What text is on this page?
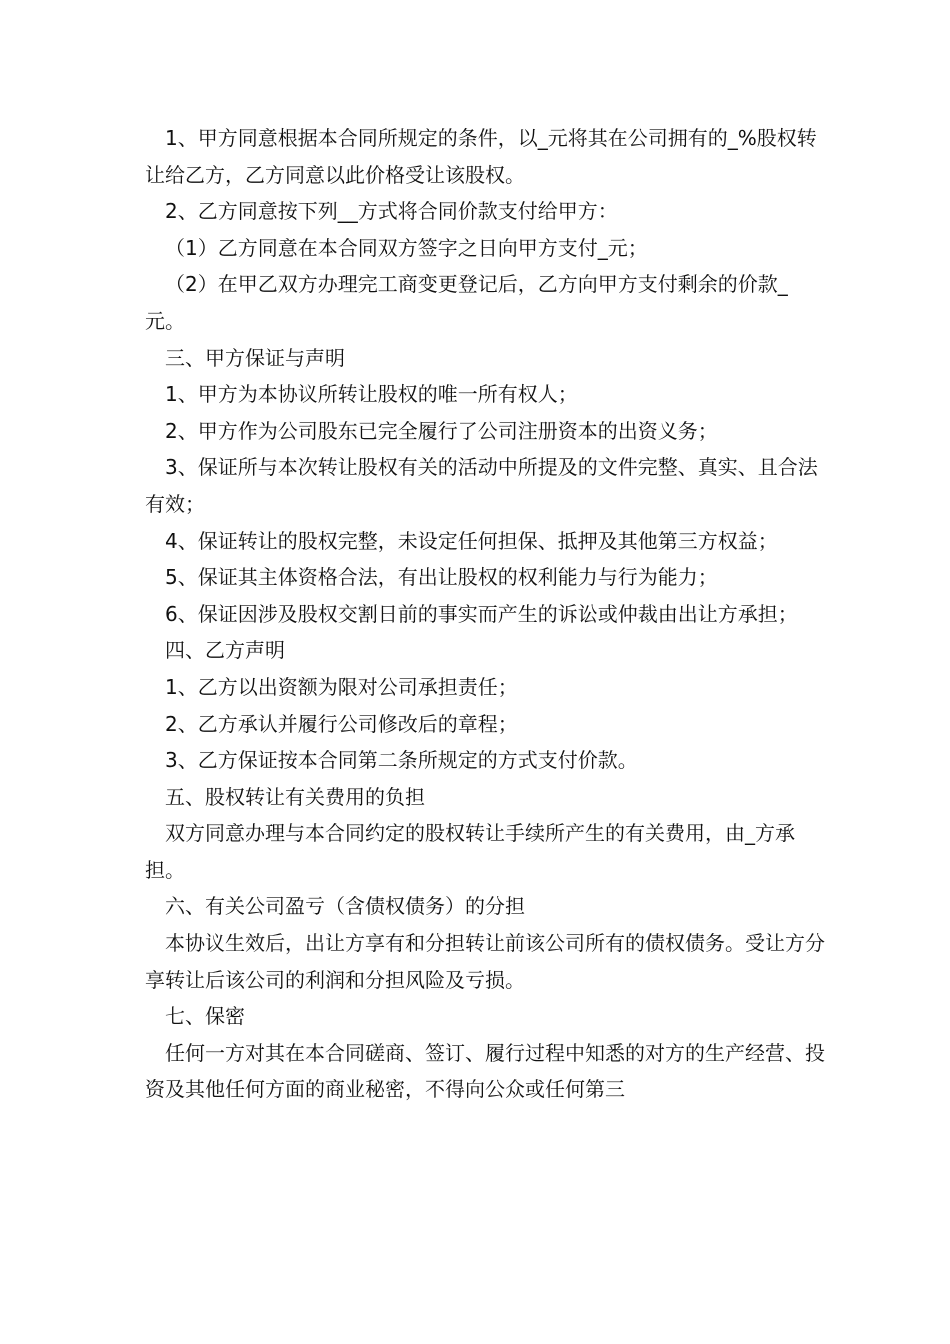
1、甲方同意根据本合同所规定的条件，以_元将其在公司拥有的_%股权转让给乙方，乙方同意以此价格受让该股权。

2、乙方同意按下列__方式将合同价款支付给甲方：

（1）乙方同意在本合同双方签字之日向甲方支付_元；

（2）在甲乙双方办理完工商变更登记后，乙方向甲方支付剩余的价款_元。

三、甲方保证与声明

1、甲方为本协议所转让股权的唯一所有权人；

2、甲方作为公司股东已完全履行了公司注册资本的出资义务；

3、保证所与本次转让股权有关的活动中所提及的文件完整、真实、且合法有效；

4、保证转让的股权完整，未设定任何担保、抵押及其他第三方权益；

5、保证其主体资格合法，有出让股权的权利能力与行为能力；

6、保证因涉及股权交割日前的事实而产生的诉讼或仲裁由出让方承担；

四、乙方声明

1、乙方以出资额为限对公司承担责任；

2、乙方承认并履行公司修改后的章程；

3、乙方保证按本合同第二条所规定的方式支付价款。

五、股权转让有关费用的负担

双方同意办理与本合同约定的股权转让手续所产生的有关费用，由_方承担。

六、有关公司盈亏（含债权债务）的分担

本协议生效后，出让方享有和分担转让前该公司所有的债权债务。受让方分享转让后该公司的利润和分担风险及亏损。

七、保密

任何一方对其在本合同磋商、签订、履行过程中知悉的对方的生产经营、投资及其他任何方面的商业秘密，不得向公众或任何第三
